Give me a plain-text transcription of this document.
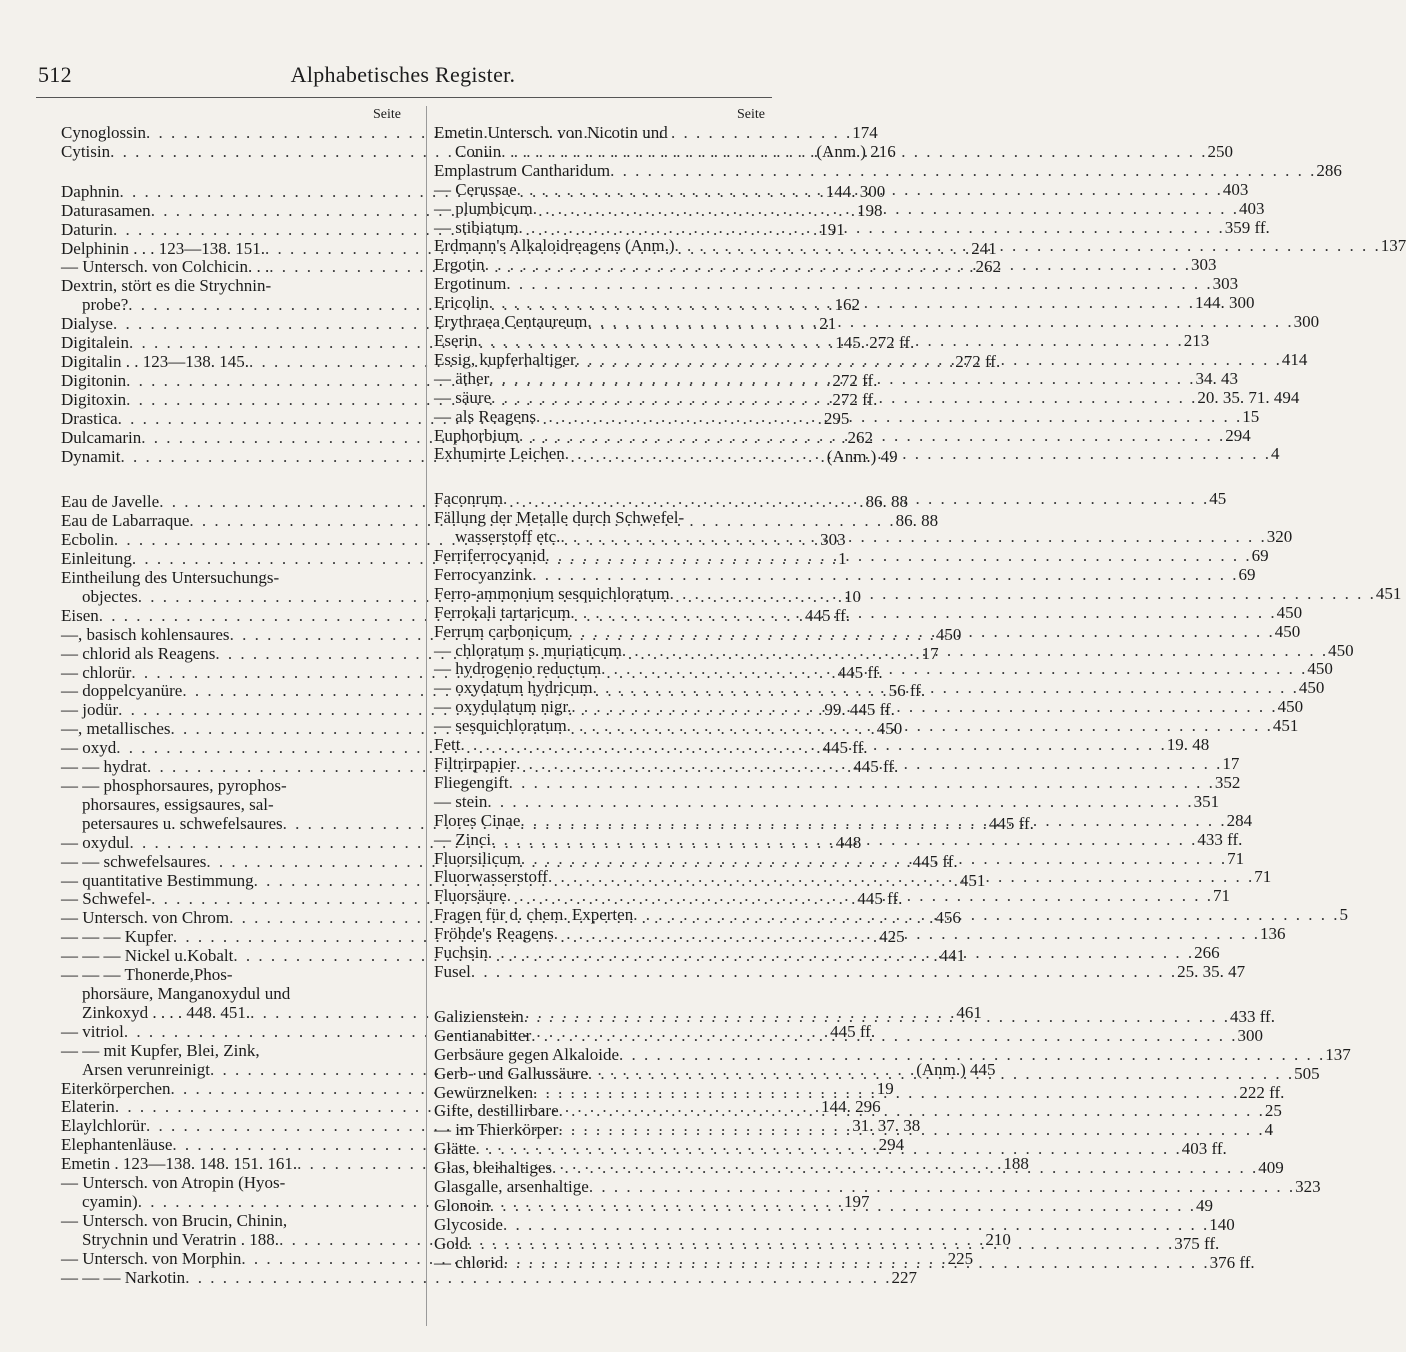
512	Alphabetisches Register.
Seite
Cynoglossin . . .	174
Cytisin . . .	(Anm.) 216
Daphnin . . .	144. 300
Daturasamen . . .	198
Daturin . . .	191
Delphinin . . . 123—138. 151. . . .	241
— Untersch. von Colchicin. . . . . .	262
Dextrin, stört es die Strychnin-
probe? . . .	162
Dialyse . . .	21
Digitalein . . .	145. 272 ff.
Digitalin . . 123—138. 145. . . .	272 ff.
Digitonin . . .	272 ff.
Digitoxin . . .	272 ff.
Drastica . . .	295
Dulcamarin . . .	262
Dynamit . . .	(Anm.) 49
Eau de Javelle . . .	86. 88
Eau de Labarraque . . .	86. 88
Ecbolin . . .	303
Einleitung . . .	1
Eintheilung des Untersuchungs-
objectes . . .	10
Eisen . . .	445 ff.
—, basisch kohlensaures . . .	450
— chlorid als Reagens . . .	17
— chlorür . . .	445 ff.
— doppelcyanüre . . .	56 ff.
— jodür . . .	99. 445 ff.
—, metallisches . . .	450
— oxyd . . .	445 ff.
— — hydrat . . .	445 ff.
— — phosphorsaures, pyrophos-
phorsaures, essigsaures, sal-
petersaures u. schwefelsaures . . .	445 ff.
— oxydul . . .	448
— — schwefelsaures . . .	445 ff.
— quantitative Bestimmung . . .	451
— Schwefel- . . .	445 ff.
— Untersch. von Chrom . . .	456
— — — Kupfer . . .	425
— — — Nickel u.Kobalt . . .	441
— — — Thonerde,Phos-
phorsäure, Manganoxydul und
Zinkoxyd . . . . 448. 451. . . .	461
— vitriol . . .	445 ff.
— — mit Kupfer, Blei, Zink,
Arsen verunreinigt . . .	(Anm.) 445
Eiterkörperchen . . .	19
Elaterin . . .	144. 296
Elaylchlorür . . .	31. 37. 38
Elephantenläuse . . .	294
Emetin . 123—138. 148. 151. 161. . . .	188
— Untersch. von Atropin (Hyos-
cyamin) . . .	197
— Untersch. von Brucin, Chinin,
Strychnin und Veratrin . 188. . . .	210
— Untersch. von Morphin . . .	225
— — — Narkotin . . .	227
Seite
Emetin Untersch. von Nicotin und
Coniin . . .	250
Emplastrum Cantharidum . . .	286
— Cerussae . . .	403
— plumbicum . . .	403
— stibiatum . . .	359 ff.
Erdmann's Alkaloidreagens (Anm.) . . .	137
Ergotin . . .	303
Ergotinum . . .	303
Ericolin . . .	144. 300
Erythraea Centaureum . . .	300
Eserin . . .	213
Essig, kupferhaltiger . . .	414
— äther . . .	34. 43
— säure . . .	20. 35. 71. 494
— als Reagens . . .	15
Euphorbium . . .	294
Exhumirte Leichen . . .	4
Faconrum . . .	45
Fällung der Metalle durch Schwefel-
wasserstoff etc. . . .	320
Ferriferrocyanid . . .	69
Ferrocyanzink . . .	69
Ferro-ammonium sesquichloratum . . .	451
Ferrokali tartaricum . . .	450
Ferrum carbonicum . . .	450
— chloratum s. muriaticum . . .	450
— hydrogenio reductum . . .	450
— oxydatum hydricum . . .	450
— oxydulatum nigr. . . .	450
— sesquichloratum . . .	451
Fett . . .	19. 48
Filtrirpapier . . .	17
Fliegengift . . .	352
— stein . . .	351
Flores Cinae . . .	284
— Zinci . . .	433 ff.
Fluorsilicum . . .	71
Fluorwasserstoff . . .	71
Fluorsäure . . .	71
Fragen für d. chem. Experten . . .	5
Fröhde's Reagens . . .	136
Fuchsin . . .	266
Fusel . . .	25. 35. 47
Galizienstein . . .	433 ff.
Gentianabitter . . .	300
Gerbsäure gegen Alkaloide . . .	137
Gerb- und Gallussäure . . .	505
Gewürznelken . . .	222 ff.
Gifte, destillirbare . . .	25
— im Thierkörper . . .	4
Glätte . . .	403 ff.
Glas, bleihaltiges . . .	409
Glasgalle, arsenhaltige . . .	323
Glonoin . . .	49
Glycoside . . .	140
Gold . . .	375 ff.
— chlorid . . .	376 ff.
